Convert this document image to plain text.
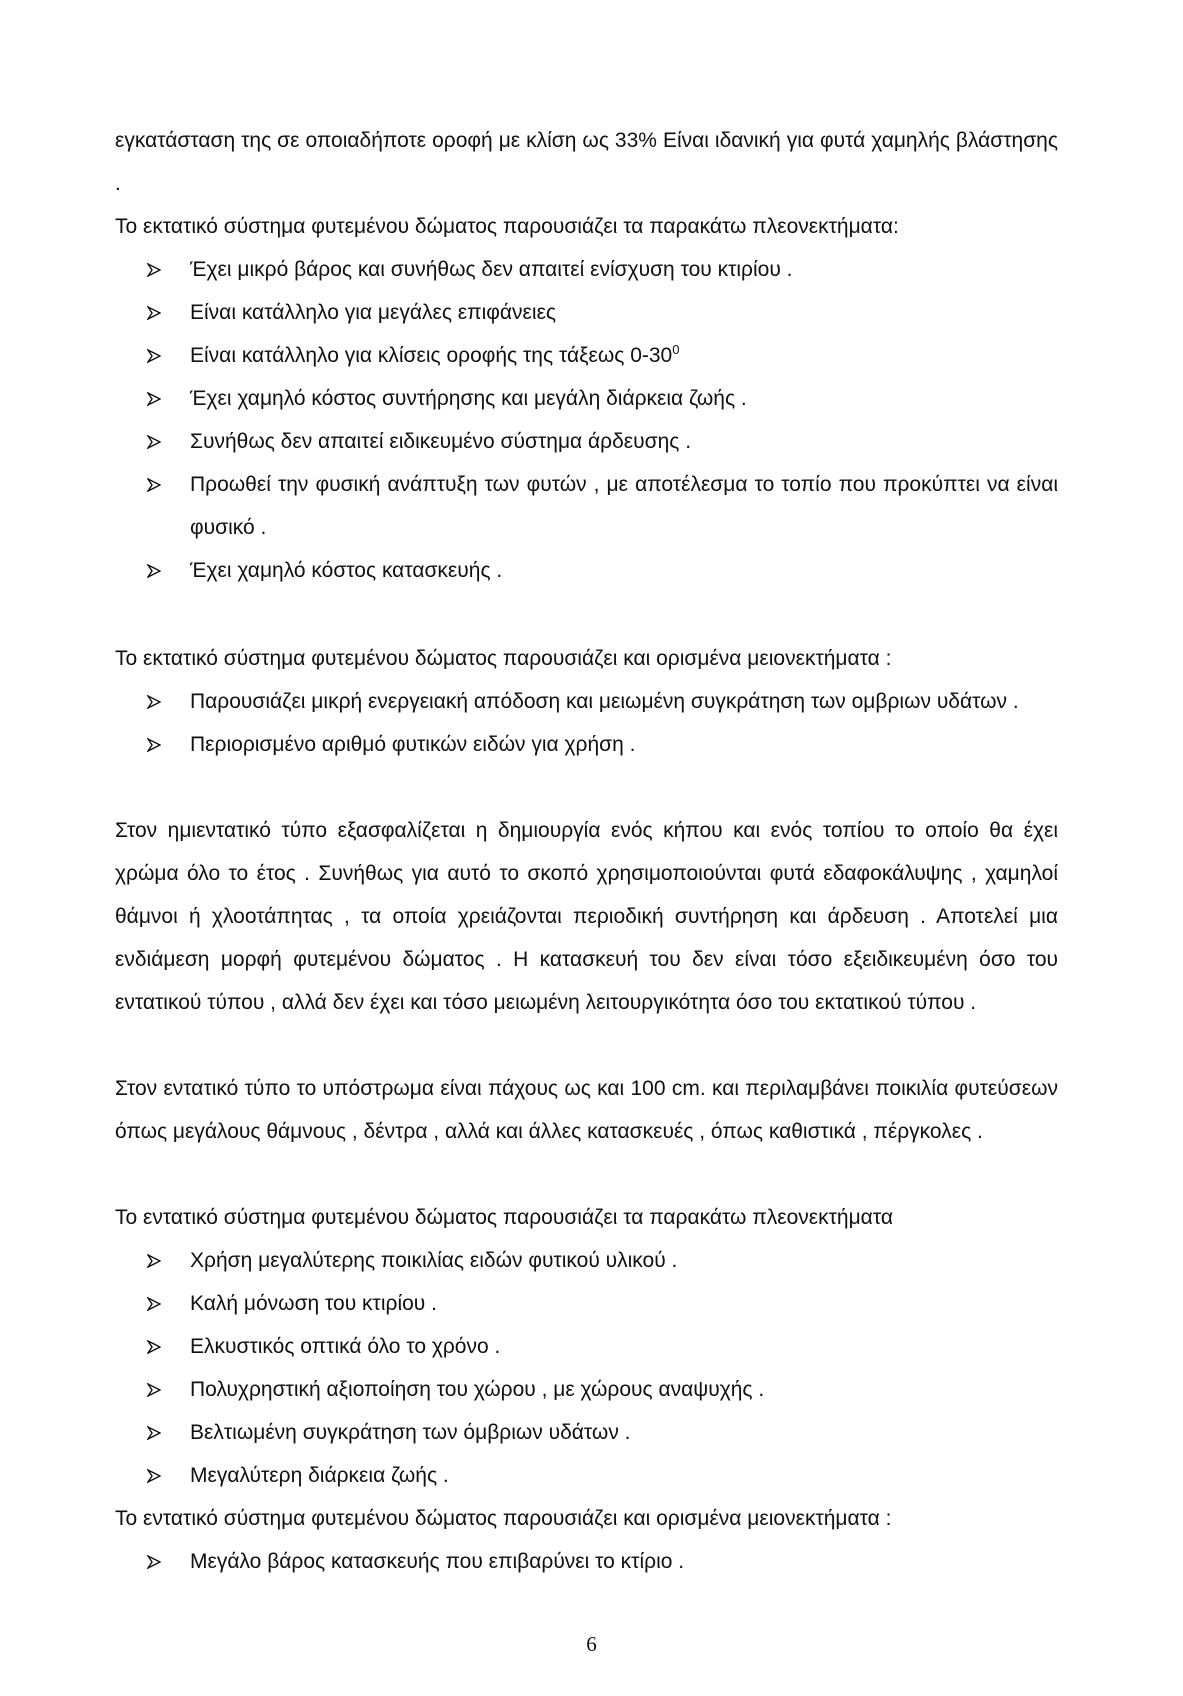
εγκατάσταση της σε οποιαδήποτε οροφή με κλίση ως 33% Είναι ιδανική για φυτά χαμηλής βλάστησης .

Το εκτατικό σύστημα φυτεμένου δώματος παρουσιάζει τα παρακάτω πλεονεκτήματα:

Έχει μικρό βάρος και συνήθως δεν απαιτεί ενίσχυση του κτιρίου .
Είναι κατάλληλο για μεγάλες επιφάνειες
Είναι κατάλληλο για κλίσεις οροφής της τάξεως $0-30^0$
Έχει χαμηλό κόστος συντήρησης και μεγάλη διάρκεια ζωής .
Συνήθως δεν απαιτεί ειδικευμένο σύστημα άρδευσης .
Προωθεί την φυσική ανάπτυξη των φυτών , με αποτέλεσμα το τοπίο που προκύπτει να είναι φυσικό .
Έχει χαμηλό κόστος κατασκευής .

Το εκτατικό σύστημα φυτεμένου δώματος παρουσιάζει και ορισμένα μειονεκτήματα :

Παρουσιάζει μικρή ενεργειακή απόδοση και μειωμένη συγκράτηση των ομβριων υδάτων .
Περιορισμένο αριθμό φυτικών ειδών για χρήση .

Στον ημιεντατικό τύπο εξασφαλίζεται η δημιουργία ενός κήπου και ενός τοπίου το οποίο θα έχει χρώμα όλο το έτος . Συνήθως για αυτό το σκοπό χρησιμοποιούνται φυτά εδαφοκάλυψης , χαμηλοί θάμνοι ή χλοοτάπητας , τα οποία χρειάζονται περιοδική συντήρηση και άρδευση . Αποτελεί μια ενδιάμεση μορφή φυτεμένου δώματος . Η κατασκευή του δεν είναι τόσο εξειδικευμένη όσο του εντατικού τύπου , αλλά δεν έχει και τόσο μειωμένη λειτουργικότητα όσο του εκτατικού τύπου .

Στον εντατικό τύπο το υπόστρωμα είναι πάχους ως και 100 cm. και περιλαμβάνει ποικιλία φυτεύσεων όπως μεγάλους θάμνους , δέντρα , αλλά και άλλες κατασκευές , όπως καθιστικά , πέργκολες .

Το εντατικό σύστημα φυτεμένου δώματος παρουσιάζει τα παρακάτω πλεονεκτήματα

Χρήση μεγαλύτερης ποικιλίας ειδών φυτικού υλικού .
Καλή μόνωση του κτιρίου .
Ελκυστικός οπτικά όλο το χρόνο .
Πολυχρηστική αξιοποίηση του χώρου , με χώρους αναψυχής .
Βελτιωμένη συγκράτηση των όμβριων υδάτων .
Μεγαλύτερη διάρκεια ζωής .

Το εντατικό σύστημα φυτεμένου δώματος παρουσιάζει και ορισμένα μειονεκτήματα :

Μεγάλο βάρος κατασκευής που επιβαρύνει το κτίριο .
6
